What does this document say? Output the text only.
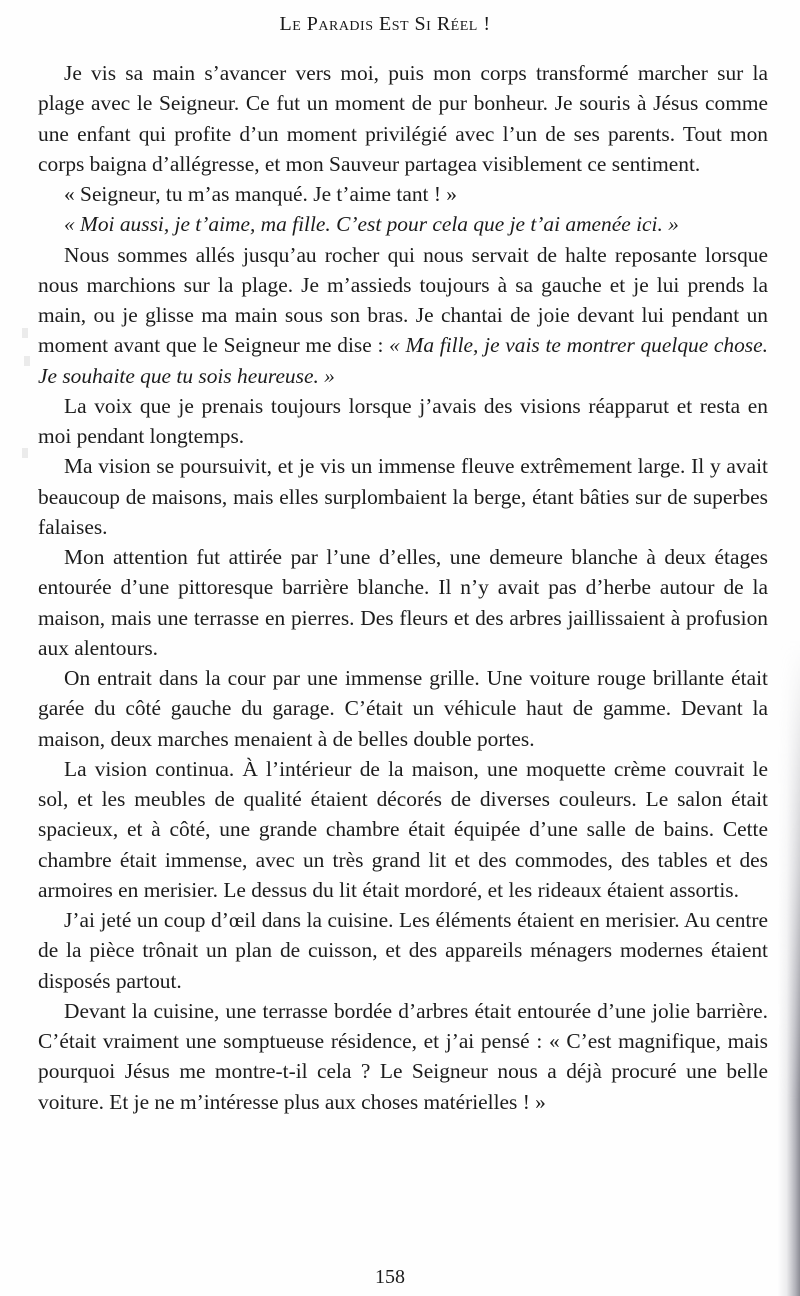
Le Paradis Est Si Réel !

Je vis sa main s’avancer vers moi, puis mon corps transformé marcher sur la plage avec le Seigneur. Ce fut un moment de pur bonheur. Je souris à Jésus comme une enfant qui profite d’un moment privilégié avec l’un de ses parents. Tout mon corps baigna d’allégresse, et mon Sauveur partagea visiblement ce sentiment.

« Seigneur, tu m’as manqué. Je t’aime tant ! »

« Moi aussi, je t’aime, ma fille. C’est pour cela que je t’ai amenée ici. »

Nous sommes allés jusqu’au rocher qui nous servait de halte reposante lorsque nous marchions sur la plage. Je m’assieds toujours à sa gauche et je lui prends la main, ou je glisse ma main sous son bras. Je chantai de joie devant lui pendant un moment avant que le Seigneur me dise : « Ma fille, je vais te montrer quelque chose. Je souhaite que tu sois heureuse. »

La voix que je prenais toujours lorsque j’avais des visions réapparut et resta en moi pendant longtemps.

Ma vision se poursuivit, et je vis un immense fleuve extrêmement large. Il y avait beaucoup de maisons, mais elles surplombaient la berge, étant bâties sur de superbes falaises.

Mon attention fut attirée par l’une d’elles, une demeure blanche à deux étages entourée d’une pittoresque barrière blanche. Il n’y avait pas d’herbe autour de la maison, mais une terrasse en pierres. Des fleurs et des arbres jaillissaient à profusion aux alentours.

On entrait dans la cour par une immense grille. Une voiture rouge brillante était garée du côté gauche du garage. C’était un véhicule haut de gamme. Devant la maison, deux marches menaient à de belles double portes.

La vision continua. À l’intérieur de la maison, une moquette crème couvrait le sol, et les meubles de qualité étaient décorés de diverses couleurs. Le salon était spacieux, et à côté, une grande chambre était équipée d’une salle de bains. Cette chambre était immense, avec un très grand lit et des commodes, des tables et des armoires en merisier. Le dessus du lit était mordoré, et les rideaux étaient assortis.

J’ai jeté un coup d’œil dans la cuisine. Les éléments étaient en merisier. Au centre de la pièce trônait un plan de cuisson, et des appareils ménagers modernes étaient disposés partout.

Devant la cuisine, une terrasse bordée d’arbres était entourée d’une jolie barrière. C’était vraiment une somptueuse résidence, et j’ai pensé : « C’est magnifique, mais pourquoi Jésus me montre-t-il cela ? Le Seigneur nous a déjà procuré une belle voiture. Et je ne m’intéresse plus aux choses matérielles ! »

158
